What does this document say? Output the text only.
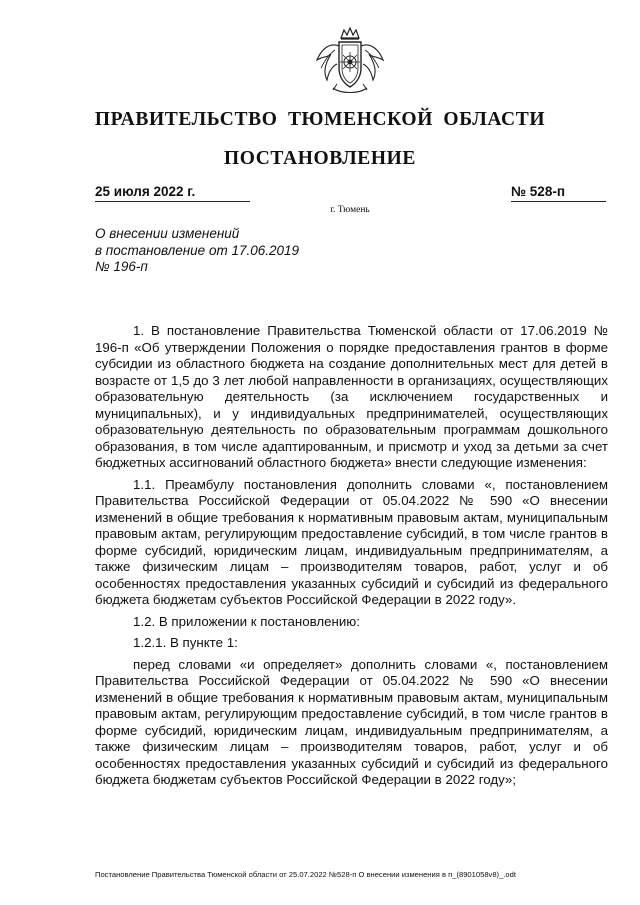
ПРАВИТЕЛЬСТВО ТЮМЕНСКОЙ ОБЛАСТИ
ПОСТАНОВЛЕНИЕ
25 июля 2022 г.	№ 528-п
г. Тюмень
О внесении изменений
в постановление от 17.06.2019
№ 196-п

1. В постановление Правительства Тюменской области от 17.06.2019 № 196-п «Об утверждении Положения о порядке предоставления грантов в форме субсидии из областного бюджета на создание дополнительных мест для детей в возрасте от 1,5 до 3 лет любой направленности в организациях, осуществляющих образовательную деятельность (за исключением государственных и муниципальных), и у индивидуальных предпринимателей, осуществляющих образовательную деятельность по образовательным программам дошкольного образования, в том числе адаптированным, и присмотр и уход за детьми за счет бюджетных ассигнований областного бюджета» внести следующие изменения:

1.1. Преамбулу постановления дополнить словами «, постановлением Правительства Российской Федерации от 05.04.2022 № 590 «О внесении изменений в общие требования к нормативным правовым актам, муниципальным правовым актам, регулирующим предоставление субсидий, в том числе грантов в форме субсидий, юридическим лицам, индивидуальным предпринимателям, а также физическим лицам – производителям товаров, работ, услуг и об особенностях предоставления указанных субсидий и субсидий из федерального бюджета бюджетам субъектов Российской Федерации в 2022 году».

1.2. В приложении к постановлению:

1.2.1. В пункте 1:

перед словами «и определяет» дополнить словами «, постановлением Правительства Российской Федерации от 05.04.2022 № 590 «О внесении изменений в общие требования к нормативным правовым актам, муниципальным правовым актам, регулирующим предоставление субсидий, в том числе грантов в форме субсидий, юридическим лицам, индивидуальным предпринимателям, а также физическим лицам – производителям товаров, работ, услуг и об особенностях предоставления указанных субсидий и субсидий из федерального бюджета бюджетам субъектов Российской Федерации в 2022 году»;

Постановление Правительства Тюменской области от 25.07.2022 №528-п О внесении изменения в п_(8901058v8)_.odt
